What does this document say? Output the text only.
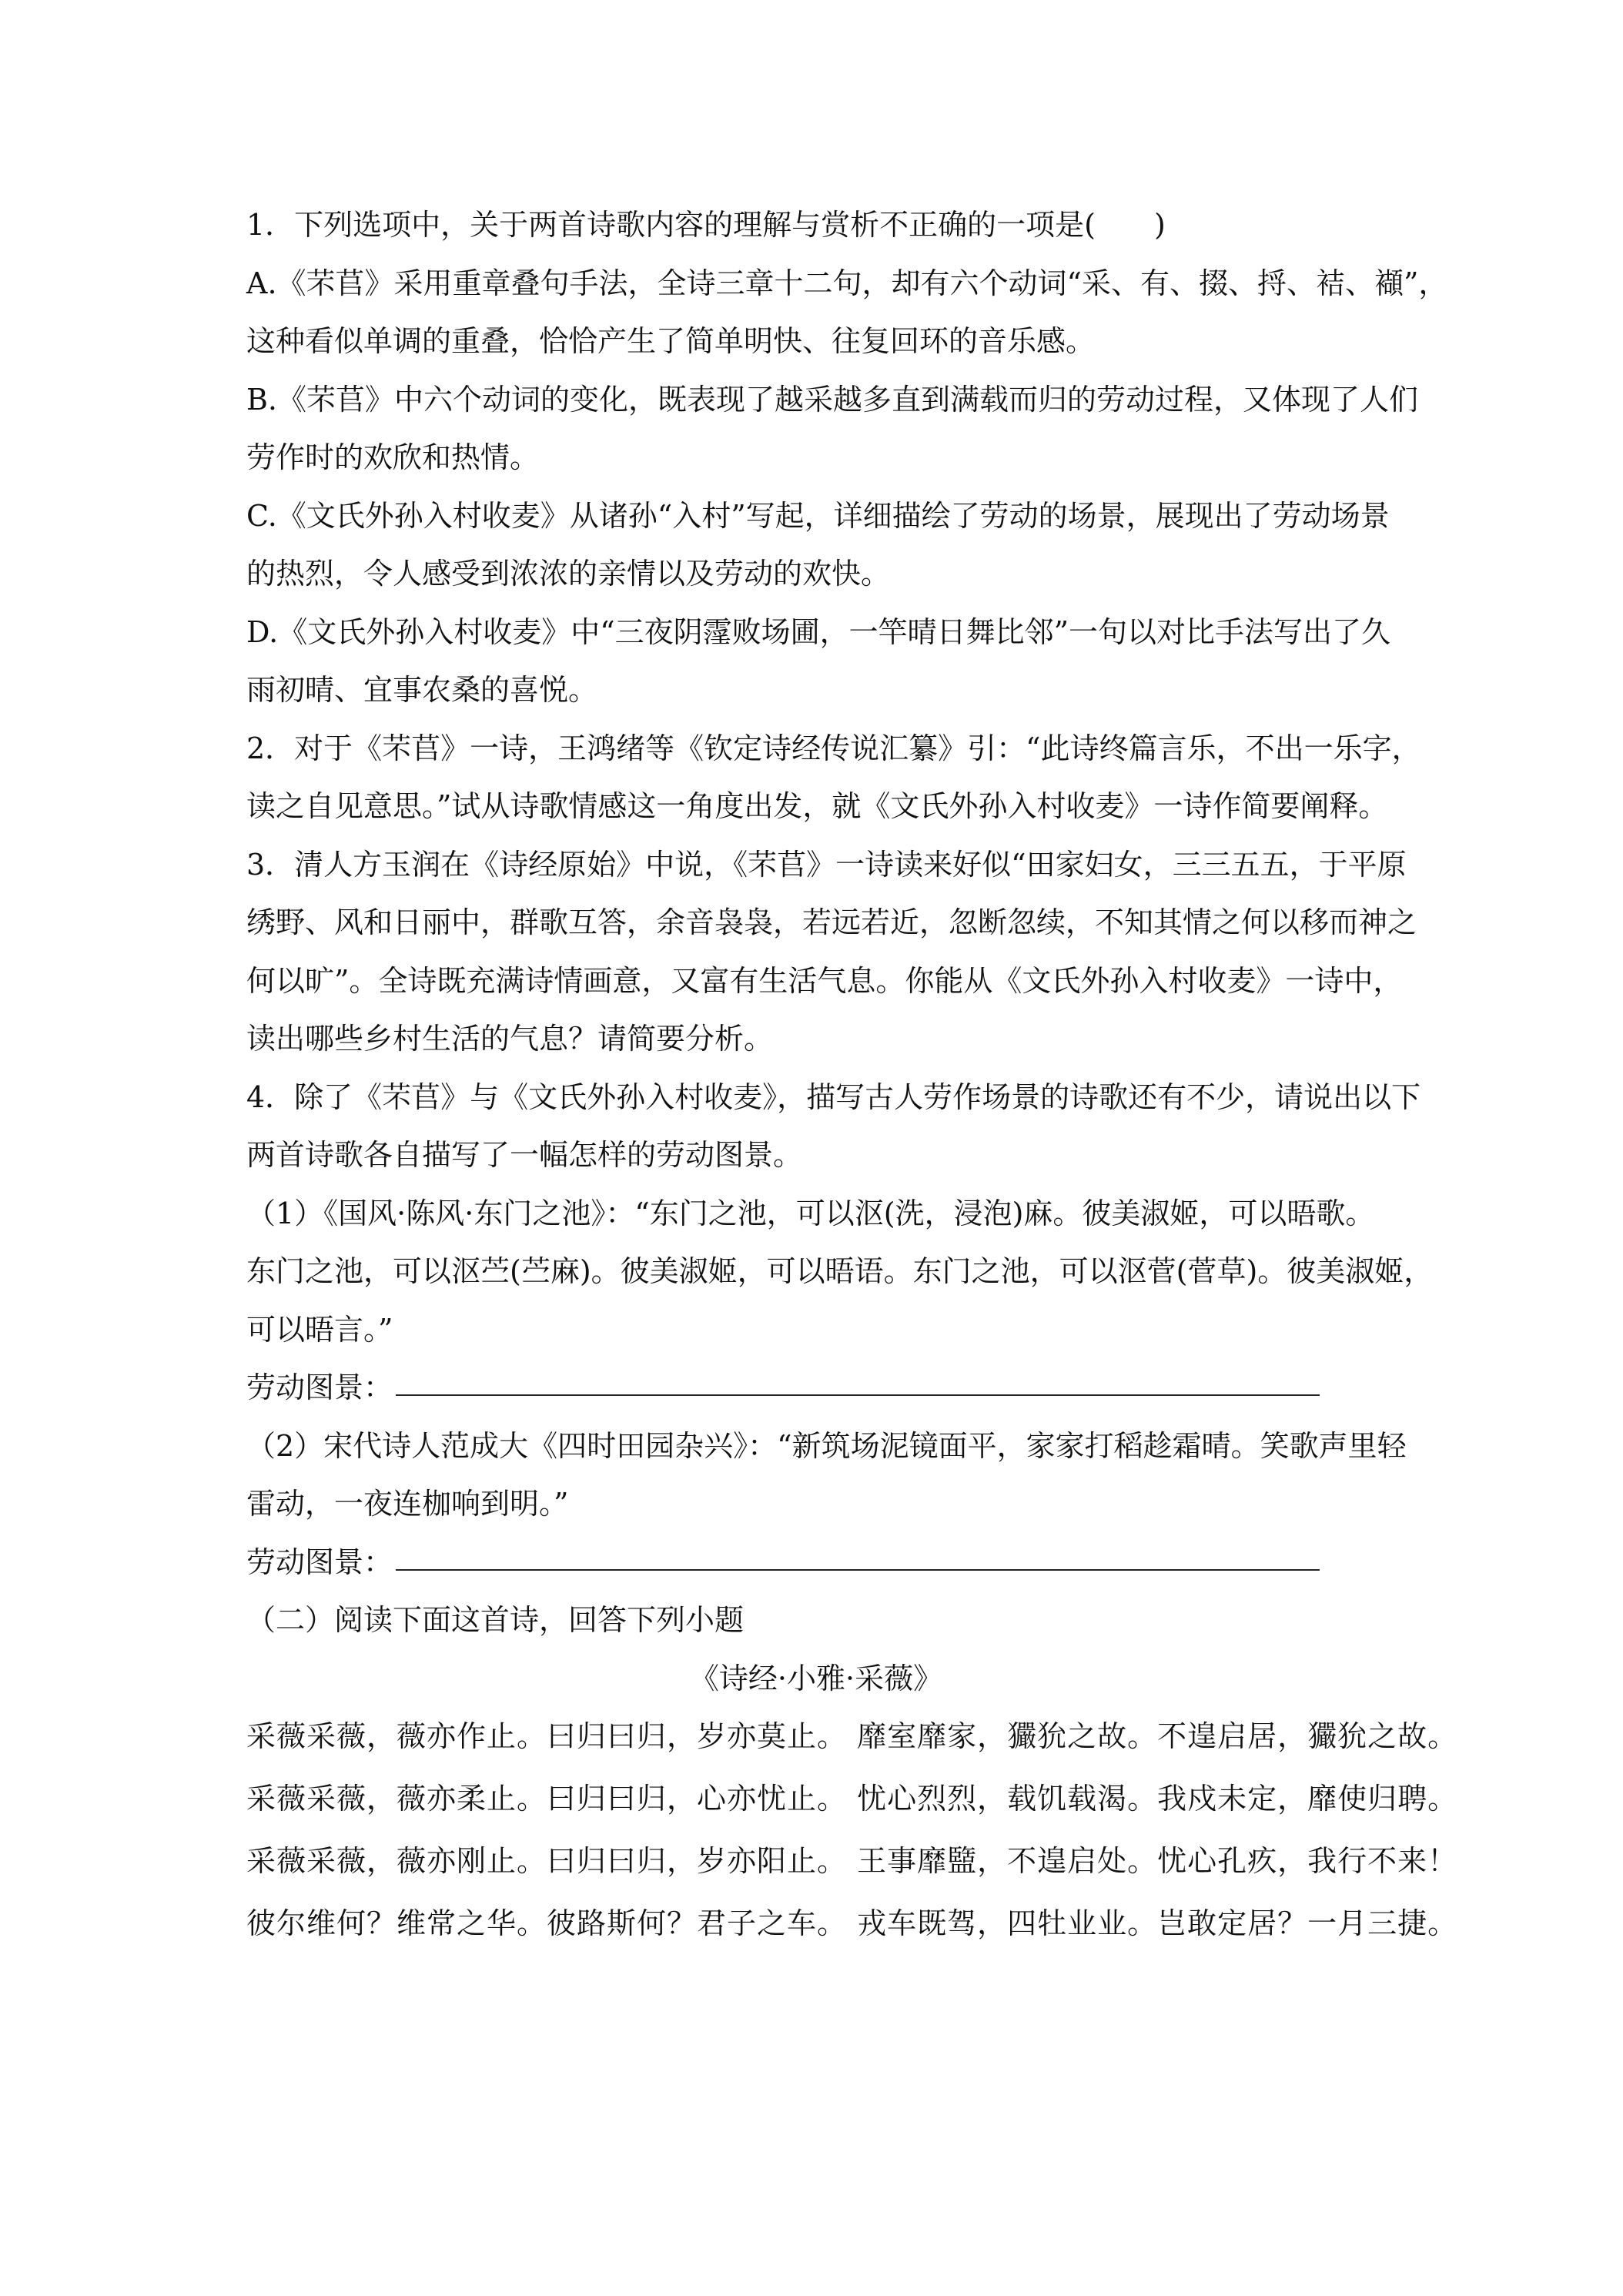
1．下列选项中，关于两首诗歌内容的理解与赏析不正确的一项是(　　)
A.《芣苢》采用重章叠句手法，全诗三章十二句，却有六个动词“采、有、掇、捋、袺、襭”，
这种看似单调的重叠，恰恰产生了简单明快、往复回环的音乐感。
B.《芣苢》中六个动词的变化，既表现了越采越多直到满载而归的劳动过程，又体现了人们
劳作时的欢欣和热情。
C.《文氏外孙入村收麦》从诸孙“入村”写起，详细描绘了劳动的场景，展现出了劳动场景
的热烈，令人感受到浓浓的亲情以及劳动的欢快。
D.《文氏外孙入村收麦》中“三夜阴霪败场圃，一竿晴日舞比邻”一句以对比手法写出了久
雨初晴、宜事农桑的喜悦。
2．对于《芣苢》一诗，王鸿绪等《钦定诗经传说汇纂》引：“此诗终篇言乐，不出一乐字，
读之自见意思。”试从诗歌情感这一角度出发，就《文氏外孙入村收麦》一诗作简要阐释。
3．清人方玉润在《诗经原始》中说，《芣苢》一诗读来好似“田家妇女，三三五五，于平原
绣野、风和日丽中，群歌互答，余音袅袅，若远若近，忽断忽续，不知其情之何以移而神之
何以旷”。全诗既充满诗情画意，又富有生活气息。你能从《文氏外孙入村收麦》一诗中，
读出哪些乡村生活的气息？请简要分析。
4．除了《芣苢》与《文氏外孙入村收麦》，描写古人劳作场景的诗歌还有不少，请说出以下
两首诗歌各自描写了一幅怎样的劳动图景。
（1）《国风·陈风·东门之池》：“东门之池，可以沤(洗，浸泡)麻。彼美淑姬，可以晤歌。
东门之池，可以沤苎(苎麻)。彼美淑姬，可以晤语。东门之池，可以沤菅(菅草)。彼美淑姬，
可以晤言。”
劳动图景：
（2）宋代诗人范成大《四时田园杂兴》：“新筑场泥镜面平，家家打稻趁霜晴。笑歌声里轻
雷动，一夜连枷响到明。”
劳动图景：
（二）阅读下面这首诗，回答下列小题
《诗经·小雅·采薇》
采薇采薇，薇亦作止。曰归曰归，岁亦莫止。 靡室靡家，玁狁之故。不遑启居，玁狁之故。
采薇采薇，薇亦柔止。曰归曰归，心亦忧止。 忧心烈烈，载饥载渴。我戍未定，靡使归聘。
采薇采薇，薇亦刚止。曰归曰归，岁亦阳止。 王事靡盬，不遑启处。忧心孔疚，我行不来！
彼尔维何？维常之华。彼路斯何？君子之车。 戎车既驾，四牡业业。岂敢定居？一月三捷。
